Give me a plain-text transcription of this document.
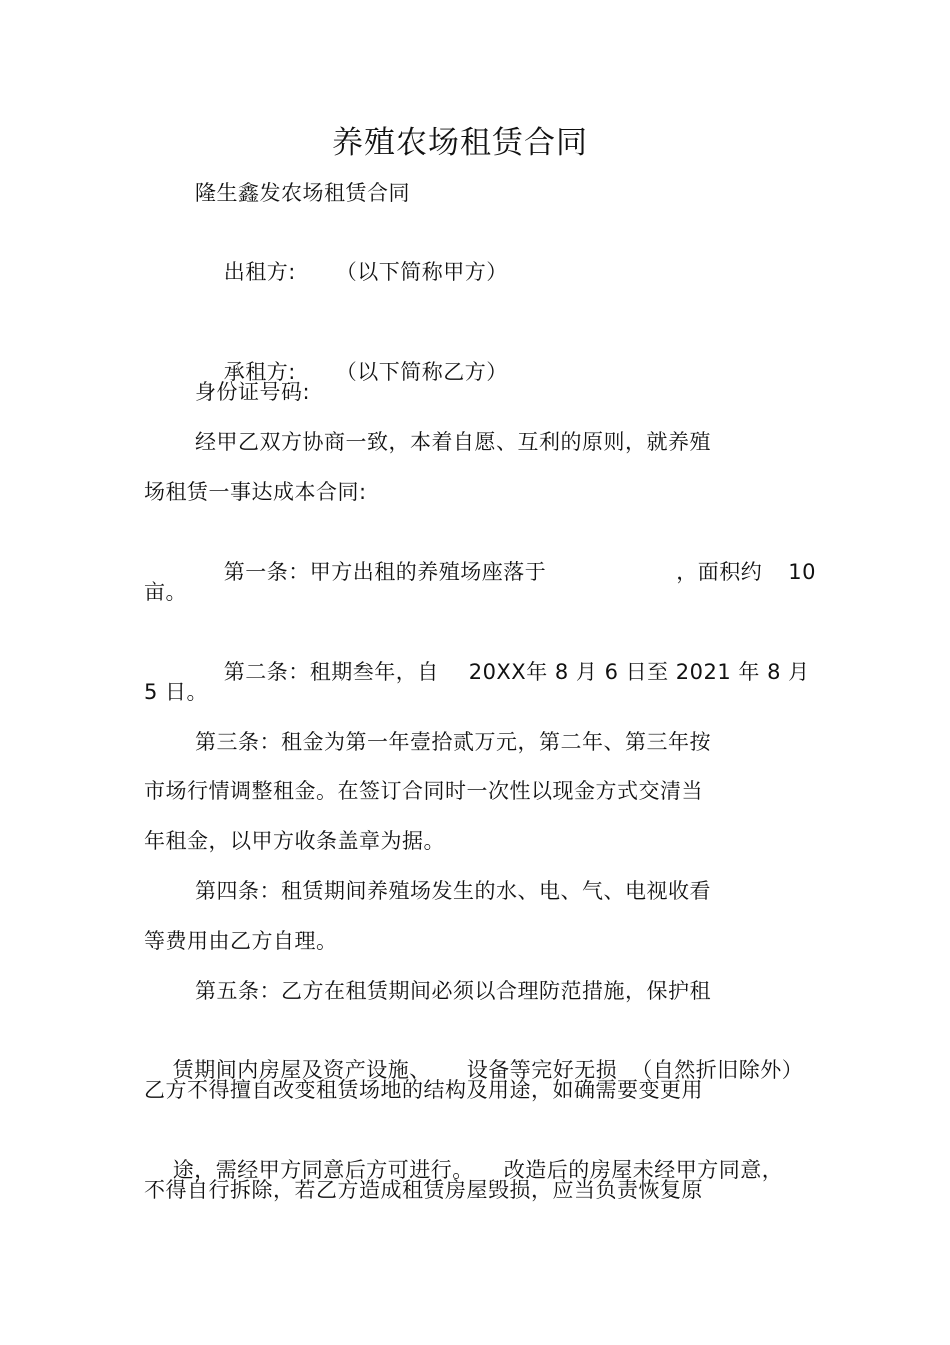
养殖农场租赁合同
隆生鑫发农场租赁合同

出租方: （以下简称甲方）

承租方: （以下简称乙方）

身份证号码:
经甲乙双方协商一致，本着自愿、互利的原则，就养殖
场租赁一事达成本合同:

第一条：甲方出租的养殖场座落于	，面积约 10

亩。

第二条：租期叁年，自 20XX年 8 月 6 日至 2021 年 8 月

5 日。
第三条：租金为第一年壹拾贰万元，第二年、第三年按
市场行情调整租金。在签订合同时一次性以现金方式交清当
年租金，以甲方收条盖章为据。
第四条：租赁期间养殖场发生的水、电、气、电视收看
等费用由乙方自理。
第五条：乙方在租赁期间必须以合理防范措施，保护租

赁期间内房屋及资产设施、 设备等完好无损 （自然折旧除外）

乙方不得擅自改变租赁场地的结构及用途，如确需要变更用

途，需经甲方同意后方可进行。 改造后的房屋未经甲方同意，

不得自行拆除，若乙方造成租赁房屋毁损，应当负责恢复原
